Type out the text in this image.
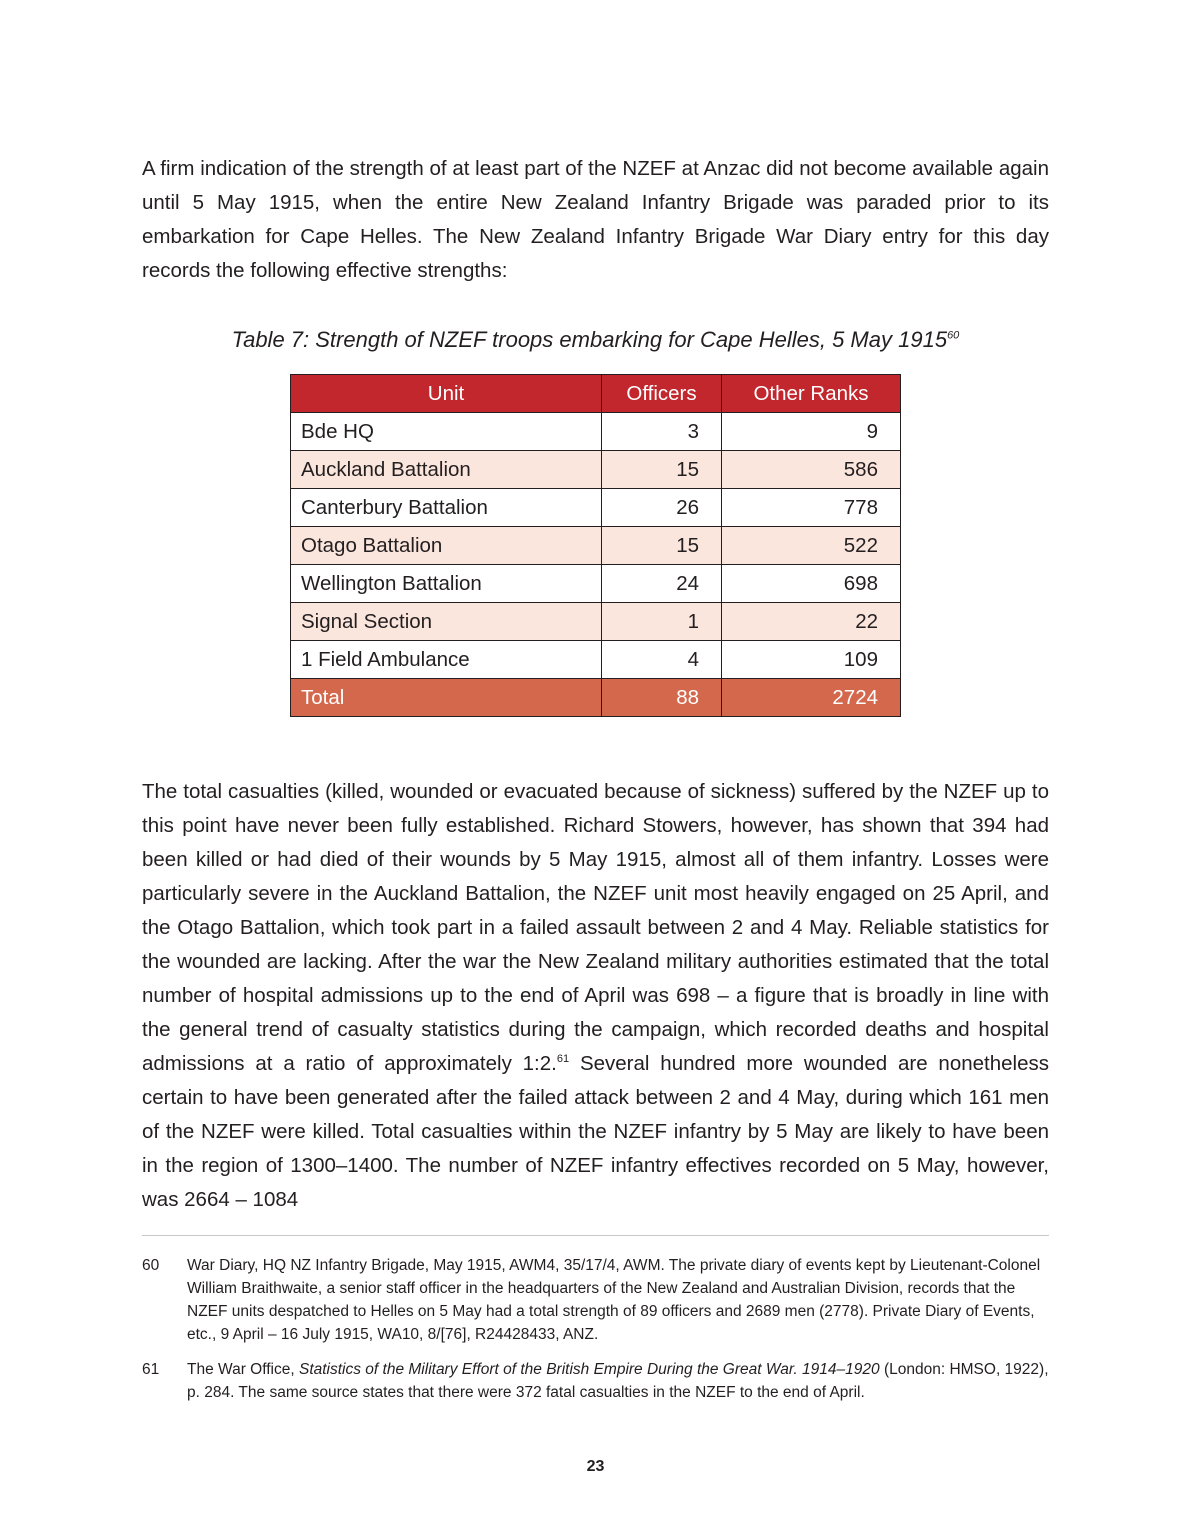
A firm indication of the strength of at least part of the NZEF at Anzac did not become available again until 5 May 1915, when the entire New Zealand Infantry Brigade was paraded prior to its embarkation for Cape Helles. The New Zealand Infantry Brigade War Diary entry for this day records the following effective strengths:

Table 7: Strength of NZEF troops embarking for Cape Helles, 5 May 1915$^{60}$

Unit	Officers	Other Ranks
Bde HQ	3	9
Auckland Battalion	15	586
Canterbury Battalion	26	778
Otago Battalion	15	522
Wellington Battalion	24	698
Signal Section	1	22
1 Field Ambulance	4	109
Total	88	2724

The total casualties (killed, wounded or evacuated because of sickness) suffered by the NZEF up to this point have never been fully established. Richard Stowers, however, has shown that 394 had been killed or had died of their wounds by 5 May 1915, almost all of them infantry. Losses were particularly severe in the Auckland Battalion, the NZEF unit most heavily engaged on 25 April, and the Otago Battalion, which took part in a failed assault between 2 and 4 May. Reliable statistics for the wounded are lacking. After the war the New Zealand military authorities estimated that the total number of hospital admissions up to the end of April was 698 – a figure that is broadly in line with the general trend of casualty statistics during the campaign, which recorded deaths and hospital admissions at a ratio of approximately 1:2.61 Several hundred more wounded are nonetheless certain to have been generated after the failed attack between 2 and 4 May, during which 161 men of the NZEF were killed. Total casualties within the NZEF infantry by 5 May are likely to have been in the region of 1300–1400. The number of NZEF infantry effectives recorded on 5 May, however, was 2664 – 1084

60	War Diary, HQ NZ Infantry Brigade, May 1915, AWM4, 35/17/4, AWM. The private diary of events kept by Lieutenant-Colonel William Braithwaite, a senior staff officer in the headquarters of the New Zealand and Australian Division, records that the NZEF units despatched to Helles on 5 May had a total strength of 89 officers and 2689 men (2778). Private Diary of Events, etc., 9 April – 16 July 1915, WA10, 8/[76], R24428433, ANZ.
61	The War Office, Statistics of the Military Effort of the British Empire During the Great War. 1914–1920 (London: HMSO, 1922), p. 284. The same source states that there were 372 fatal casualties in the NZEF to the end of April.
23
